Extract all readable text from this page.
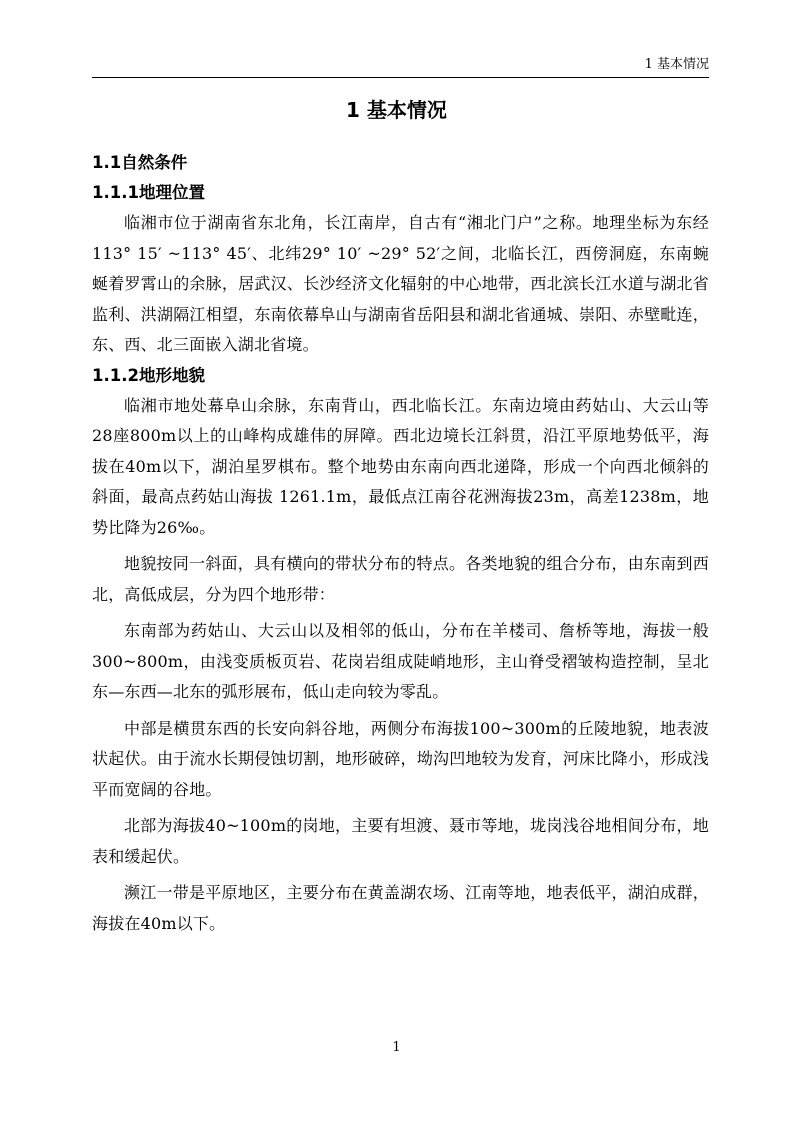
1 基本情况
1 基本情况

1.1自然条件

1.1.1地理位置

临湘市位于湖南省东北角，长江南岸，自古有“湘北门户”之称。地理坐标为东经113° 15′ ~113° 45′、北纬29° 10′ ~29° 52′之间，北临长江，西傍洞庭，东南蜿蜒着罗霄山的余脉，居武汉、长沙经济文化辐射的中心地带，西北滨长江水道与湖北省监利、洪湖隔江相望，东南依幕阜山与湖南省岳阳县和湖北省通城、崇阳、赤壁毗连，东、西、北三面嵌入湖北省境。

1.1.2地形地貌

临湘市地处幕阜山余脉，东南背山，西北临长江。东南边境由药姑山、大云山等28座800m以上的山峰构成雄伟的屏障。西北边境长江斜贯，沿江平原地势低平，海拔在40m以下，湖泊星罗棋布。整个地势由东南向西北递降，形成一个向西北倾斜的斜面，最高点药姑山海拔 1261.1m，最低点江南谷花洲海拔23m，高差1238m，地势比降为26‰。

地貌按同一斜面，具有横向的带状分布的特点。各类地貌的组合分布，由东南到西北，高低成层，分为四个地形带：

东南部为药姑山、大云山以及相邻的低山，分布在羊楼司、詹桥等地，海拔一般 300~800m，由浅变质板页岩、花岗岩组成陡峭地形，主山脊受褶皱构造控制，呈北东—东西—北东的弧形展布，低山走向较为零乱。

中部是横贯东西的长安向斜谷地，两侧分布海拔100~300m的丘陵地貌，地表波状起伏。由于流水长期侵蚀切割，地形破碎，坳沟凹地较为发育，河床比降小，形成浅平而宽阔的谷地。

北部为海拔40~100m的岗地，主要有坦渡、聂市等地，垅岗浅谷地相间分布，地表和缓起伏。

濒江一带是平原地区，主要分布在黄盖湖农场、江南等地，地表低平，湖泊成群，海拔在40m以下。

1
